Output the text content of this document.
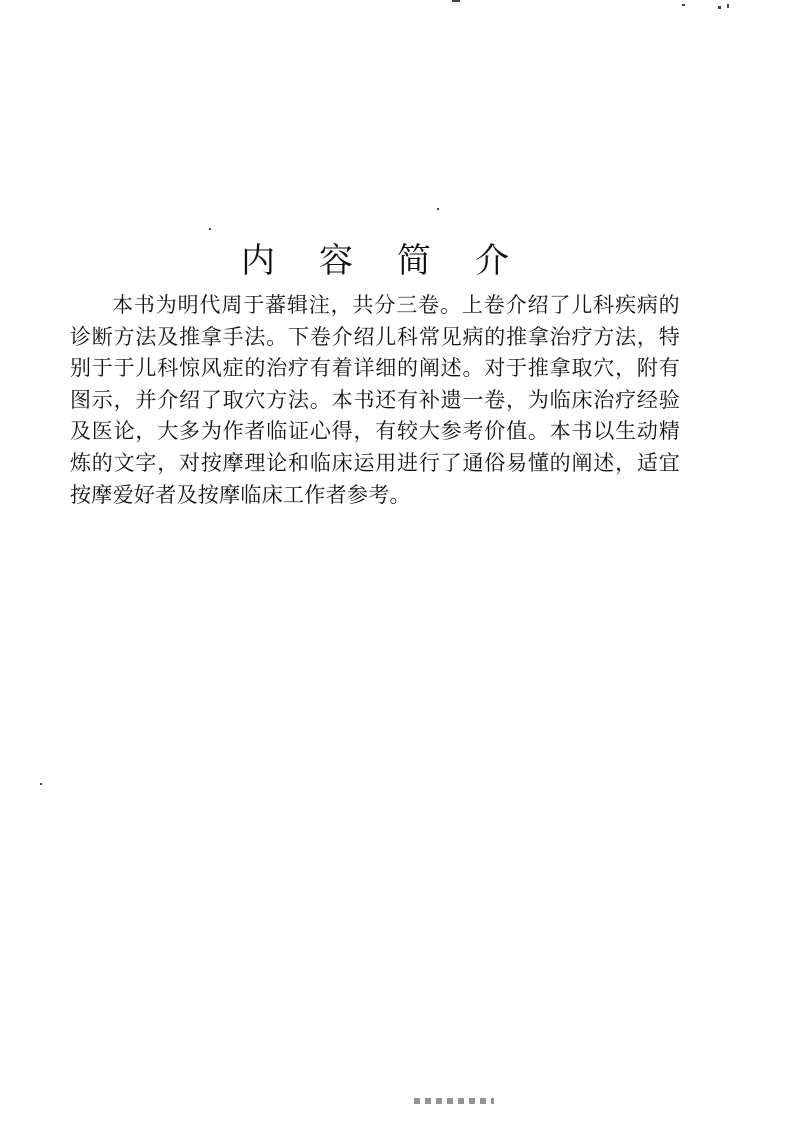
内容简介

本书为明代周于蕃辑注，共分三卷。上卷介绍了儿科疾病的诊断方法及推拿手法。下卷介绍儿科常见病的推拿治疗方法，特别于于儿科惊风症的治疗有着详细的阐述。对于推拿取穴，附有图示，并介绍了取穴方法。本书还有补遗一卷，为临床治疗经验及医论，大多为作者临证心得，有较大参考价值。本书以生动精炼的文字，对按摩理论和临床运用进行了通俗易懂的阐述，适宜按摩爱好者及按摩临床工作者参考。
